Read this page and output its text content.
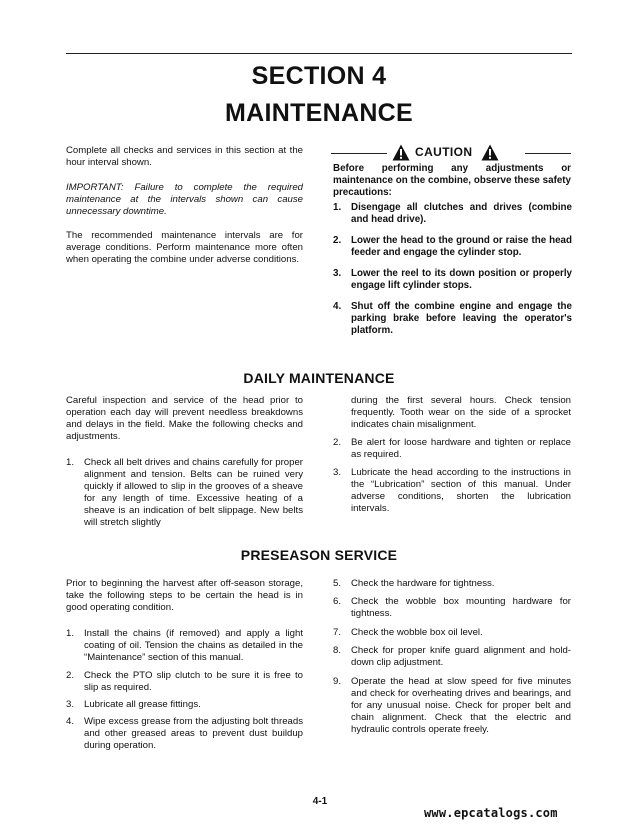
SECTION 4
MAINTENANCE

Complete all checks and services in this section at the hour interval shown.

IMPORTANT: Failure to complete the required maintenance at the intervals shown can cause unnecessary downtime.

The recommended maintenance intervals are for average conditions. Perform maintenance more often when operating the combine under adverse conditions.

CAUTION

Before performing any adjustments or maintenance on the combine, observe these safety precautions:

1. Disengage all clutches and drives (combine and head drive).
2. Lower the head to the ground or raise the head feeder and engage the cylinder stop.
3. Lower the reel to its down position or properly engage lift cylinder stops.
4. Shut off the combine engine and engage the parking brake before leaving the operator's platform.
DAILY MAINTENANCE

Careful inspection and service of the head prior to operation each day will prevent needless breakdowns and delays in the field. Make the following checks and adjustments.

1. Check all belt drives and chains carefully for proper alignment and tension. Belts can be ruined very quickly if allowed to slip in the grooves of a sheave for any length of time. Excessive heating of a sheave is an indication of belt slippage. New belts will stretch slightly
during the first several hours. Check tension frequently. Tooth wear on the side of a sprocket indicates chain misalignment.
2. Be alert for loose hardware and tighten or replace as required.
3. Lubricate the head according to the instructions in the “Lubrication” section of this manual. Under adverse conditions, shorten the lubrication intervals.
PRESEASON SERVICE

Prior to beginning the harvest after off-season storage, take the following steps to be certain the head is in good operating condition.

1. Install the chains (if removed) and apply a light coating of oil. Tension the chains as detailed in the “Maintenance” section of this manual.
2. Check the PTO slip clutch to be sure it is free to slip as required.
3. Lubricate all grease fittings.
4. Wipe excess grease from the adjusting bolt threads and other greased areas to prevent dust buildup during operation.
5. Check the hardware for tightness.
6. Check the wobble box mounting hardware for tightness.
7. Check the wobble box oil level.
8. Check for proper knife guard alignment and hold-down clip adjustment.
9. Operate the head at slow speed for five minutes and check for overheating drives and bearings, and for any unusual noise. Check for proper belt and chain alignment. Check that the electric and hydraulic controls operate freely.
4-1
www.epcatalogs.com
